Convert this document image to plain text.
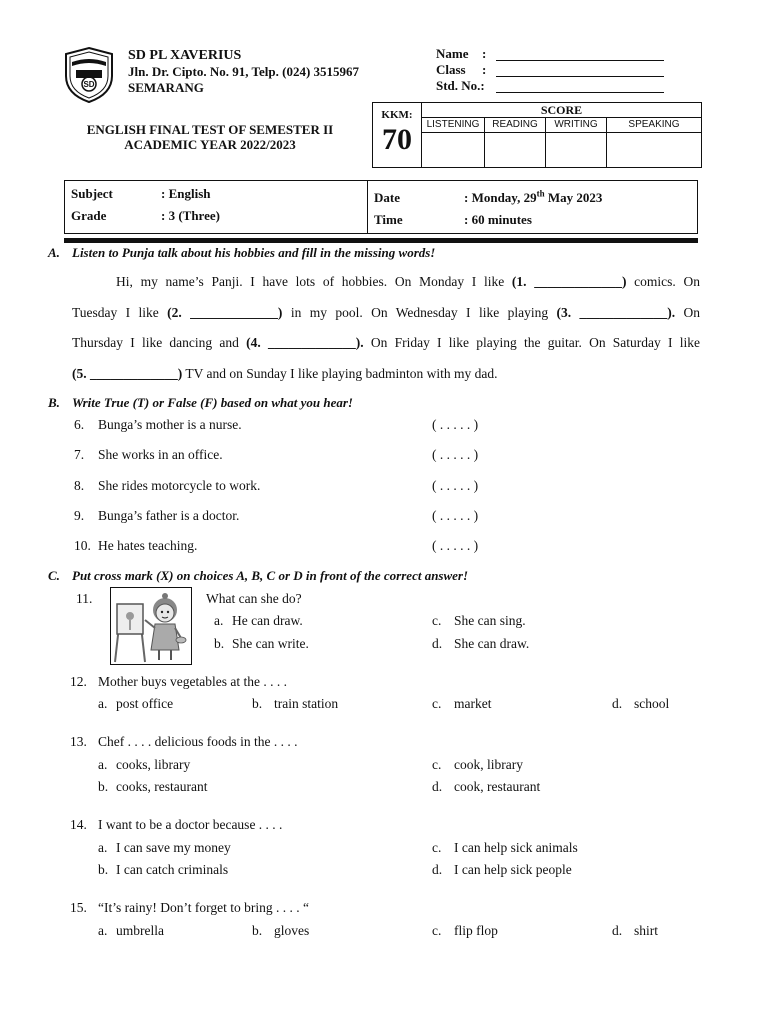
SD
SD PL XAVERIUS
Jln. Dr. Cipto. No. 91, Telp. (024) 3515967
SEMARANG
Name :
Class :
Std. No.:
ENGLISH FINAL TEST OF SEMESTER II
ACADEMIC YEAR 2022/2023
KKM:
70	SCORE			
	LISTENING	READING	WRITING	SPEAKING

Subject	: English
Grade	: 3 (Three)

Date	: Monday, 29th May 2023
Time	: 60 minutes
A. Listen to Punja talk about his hobbies and fill in the missing words!
Hi, my name’s Panji. I have lots of hobbies. On Monday I like (1. _____________) comics. On
Tuesday I like (2. _____________) in my pool. On Wednesday I like playing (3. _____________). On
Thursday I like dancing and (4. _____________). On Friday I like playing the guitar. On Saturday I like
(5. _____________) TV and on Sunday I like playing badminton with my dad.
B. Write True (T) or False (F) based on what you hear!
6. Bunga’s mother is a nurse.	( . . . . . )
7. She works in an office.	( . . . . . )
8. She rides motorcycle to work.	( . . . . . )
9. Bunga’s father is a doctor.	( . . . . . )
10. He hates teaching.	( . . . . . )
C. Put cross mark (X) on choices A, B, C or D in front of the correct answer!
11.	What can she do?
a. He can draw.	c. She can sing.
b. She can write.	d. She can draw.
12. Mother buys vegetables at the . . . .
a. post office	b. train station	c. market	d. school
13. Chef . . . . delicious foods in the . . . .
a. cooks, library	c. cook, library
b. cooks, restaurant	d. cook, restaurant
14. I want to be a doctor because . . . .
a. I can save my money	c. I can help sick animals
b. I can catch criminals	d. I can help sick people
15. “It’s rainy! Don’t forget to bring . . . . “
a. umbrella	b. gloves	c. flip flop	d. shirt
